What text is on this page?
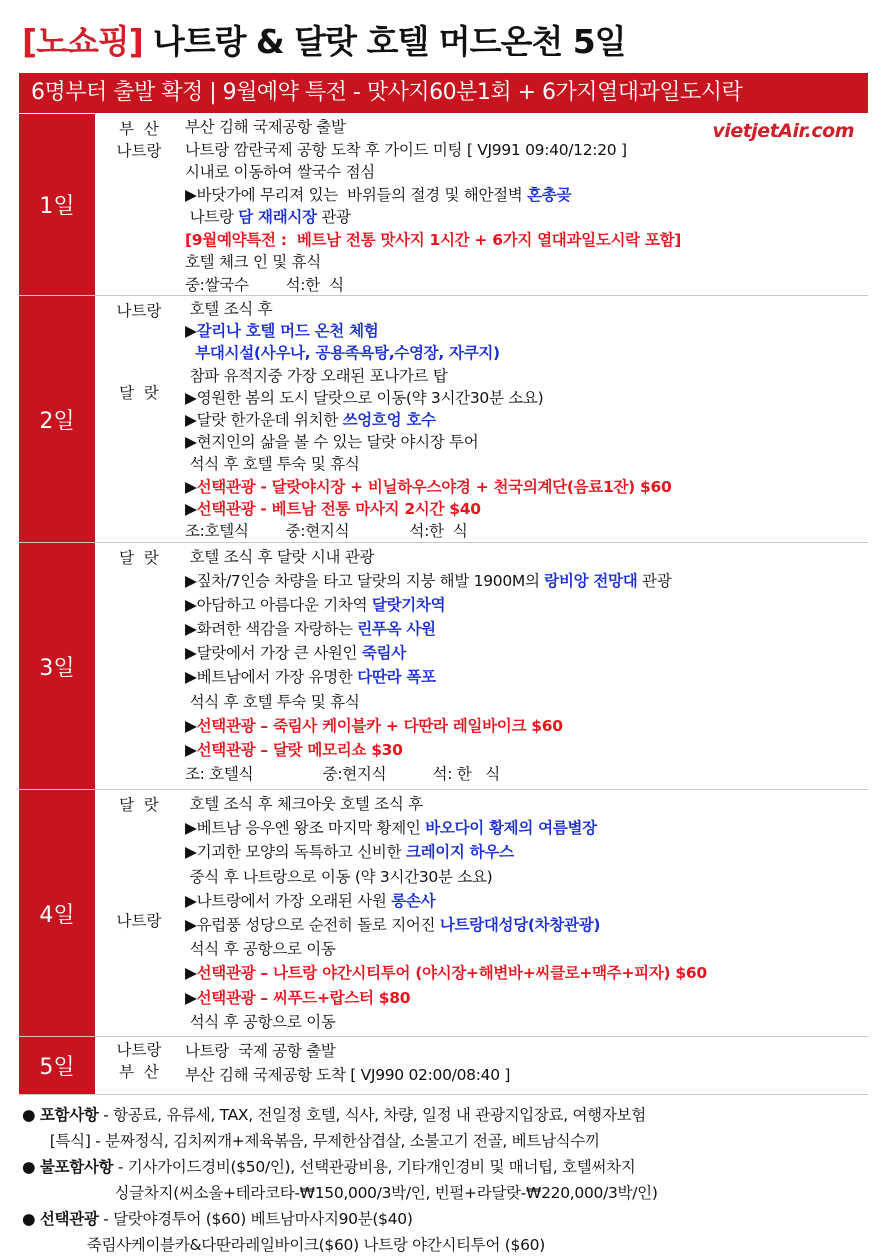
[노쇼핑] 나트랑 & 달랏 호텔 머드온천 5일
6명부터 출발 확정 | 9월예약 특전 - 맛사지60분1회 + 6가지열대과일도시락
vietjetAir.com
1일
부  산
나트랑
부산 김해 국제공항 출발
나트랑 깜란국제 공항 도착 후 가이드 미팅 [ VJ991 09:40/12:20 ]
시내로 이동하여 쌀국수 점심
▶바닷가에 무리져 있는  바위들의 절경 및 해안절벽 혼총곶
나트랑 담 재래시장 관광
[9월예약특전 :  베트남 전통 맛사지 1시간 + 6가지 열대과일도시락 포함]
호텔 체크 인 및 휴식
중:쌀국수        석:한  식
2일
나트랑
달  랏
호텔 조식 후
▶갈리나 호텔 머드 온천 체험
부대시설(사우나, 공용족욕탕,수영장, 자쿠지)
참파 유적지중 가장 오래된 포나가르 탑
▶영원한 봄의 도시 달랏으로 이동(약 3시간30분 소요)
▶달랏 한가운데 위치한 쓰엉흐엉 호수
▶현지인의 삶을 볼 수 있는 달랏 야시장 투어
석식 후 호텔 투숙 및 휴식
▶선택관광 - 달랏야시장 + 비닐하우스야경 + 천국의계단(음료1잔) $60
▶선택관광 - 베트남 전통 마사지 2시간 $40
조:호텔식        중:현지식             석:한  식
3일
달  랏	호텔 조식 후 달랏 시내 관광
▶짚차/7인승 차량을 타고 달랏의 지붕 해발 1900M의 랑비앙 전망대 관광
▶아담하고 아름다운 기차역 달랏기차역
▶화려한 색감을 자랑하는 린푸옥 사원
▶달랏에서 가장 큰 사원인 죽림사
▶베트남에서 가장 유명한 다딴라 폭포
석식 후 호텔 투숙 및 휴식
▶선택관광 – 죽림사 케이블카 + 다딴라 레일바이크 $60
▶선택관광 – 달랏 메모리쇼 $30
조: 호텔식               중:현지식          석: 한   식
4일
달  랏
나트랑
호텔 조식 후 체크아웃 호텔 조식 후
▶베트남 응우엔 왕조 마지막 황제인 바오다이 황제의 여름별장
▶기괴한 모양의 독특하고 신비한 크레이지 하우스
중식 후 나트랑으로 이동 (약 3시간30분 소요)
▶나트랑에서 가장 오래된 사원 롱손사
▶유럽풍 성당으로 순전히 돌로 지어진 나트랑대성당(차창관광)
석식 후 공항으로 이동
▶선택관광 – 나트랑 야간시티투어 (야시장+해변바+씨클로+맥주+피자) $60
▶선택관광 – 씨푸드+랍스터 $80
석식 후 공항으로 이동
5일
나트랑
부  산
나트랑  국제 공항 출발
부산 김해 국제공항 도착 [ VJ990 02:00/08:40 ]
● 포함사항 - 항공료, 유류세, TAX, 전일정 호텔, 식사, 차량, 일정 내 관광지입장료, 여행자보험
[특식] - 분짜정식, 김치찌개+제육볶음, 무제한삼겹살, 소불고기 전골, 베트남식수끼
● 불포함사항 - 기사가이드경비($50/인), 선택관광비용, 기타개인경비 및 매너팁, 호텔써차지
싱글차지(씨소울+테라코타-₩150,000/3박/인, 빈펄+라달랏-₩220,000/3박/인)
● 선택관광 - 달랏야경투어 ($60) 베트남마사지90분($40)
죽림사케이블카&다딴라레일바이크($60) 나트랑 야간시티투어 ($60)
